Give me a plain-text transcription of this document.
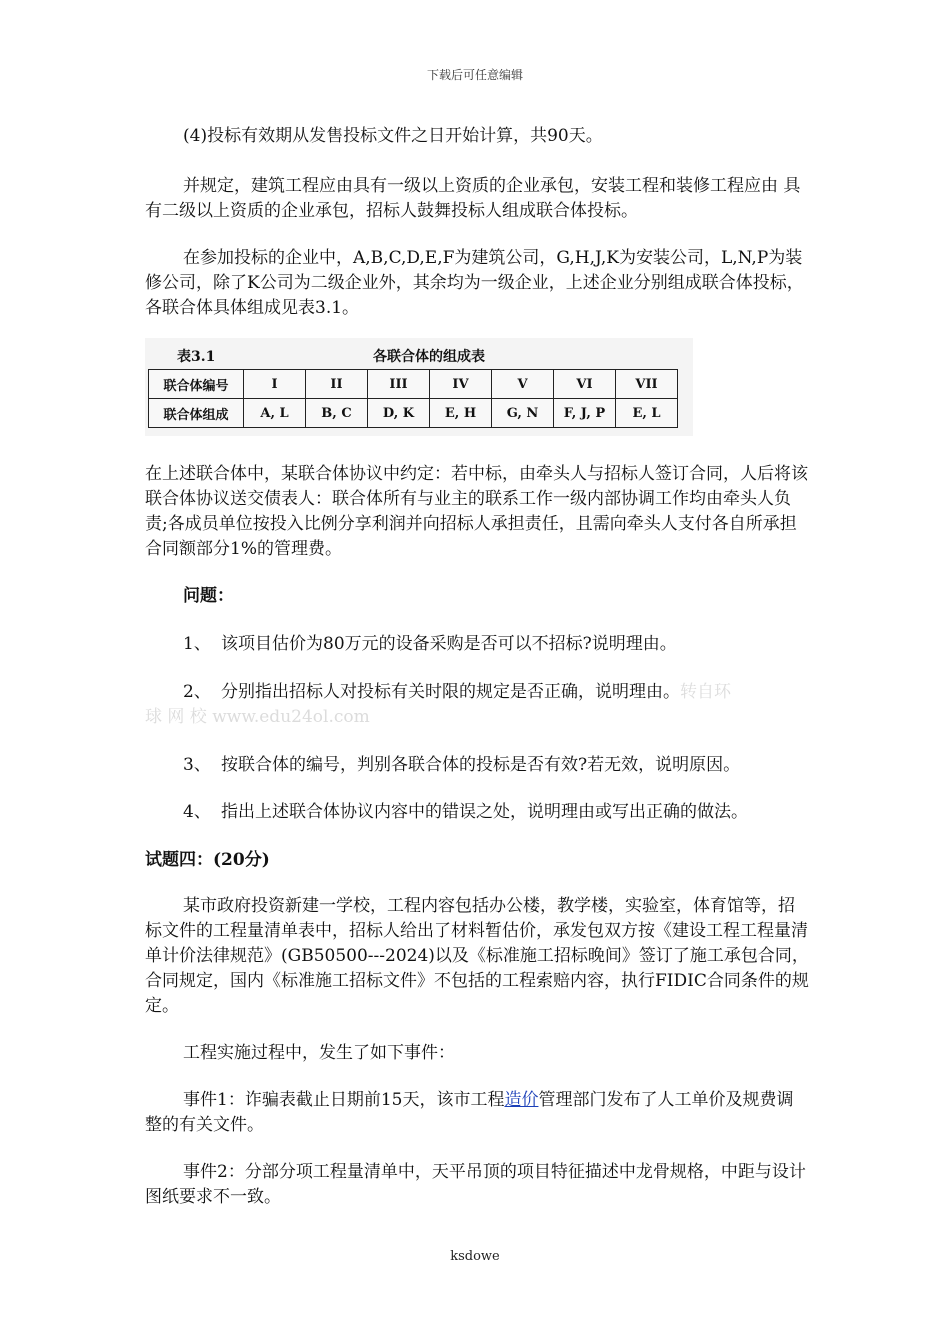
下载后可任意编辑

(4)投标有效期从发售投标文件之日开始计算，共90天。

并规定，建筑工程应由具有一级以上资质的企业承包，安装工程和装修工程应由 具有二级以上资质的企业承包，招标人鼓舞投标人组成联合体投标。

在参加投标的企业中，A,B,C,D,E,F为建筑公司，G,H,J,K为安装公司，L,N,P为装修公司，除了K公司为二级企业外，其余均为一级企业，上述企业分别组成联合体投标，各联合体具体组成见表3.1。

表3.1	各联合体的组成表
联合体编号	I	II	III	IV	V	VI	VII
联合体组成	A, L	B, C	D, K	E, H	G, N	F, J, P	E, L

在上述联合体中，某联合体协议中约定：若中标，由牵头人与招标人签订合同，人后将该联合体协议送交债表人：联合体所有与业主的联系工作一级内部协调工作均由牵头人负责;各成员单位按投入比例分享利润并向招标人承担责任，且需向牵头人支付各自所承担合同额部分1%的管理费。

问题：

1、 该项目估价为80万元的设备采购是否可以不招标?说明理由。
2、 分别指出招标人对投标有关时限的规定是否正确，说明理由。转自环
球 网 校 www.edu24ol.com
3、 按联合体的编号，判别各联合体的投标是否有效?若无效，说明原因。
4、 指出上述联合体协议内容中的错误之处，说明理由或写出正确的做法。

试题四：(20分)

某市政府投资新建一学校，工程内容包括办公楼，教学楼，实验室，体育馆等，招标文件的工程量清单表中，招标人给出了材料暂估价，承发包双方按《建设工程工程量清单计价法律规范》(GB50500---2024)以及《标准施工招标晚间》签订了施工承包合同，合同规定，国内《标准施工招标文件》不包括的工程索赔内容，执行FIDIC合同条件的规定。

工程实施过程中，发生了如下事件：

事件1：诈骗表截止日期前15天，该市工程造价管理部门发布了人工单价及规费调整的有关文件。

事件2：分部分项工程量清单中，天平吊顶的项目特征描述中龙骨规格，中距与设计图纸要求不一致。

ksdowe
